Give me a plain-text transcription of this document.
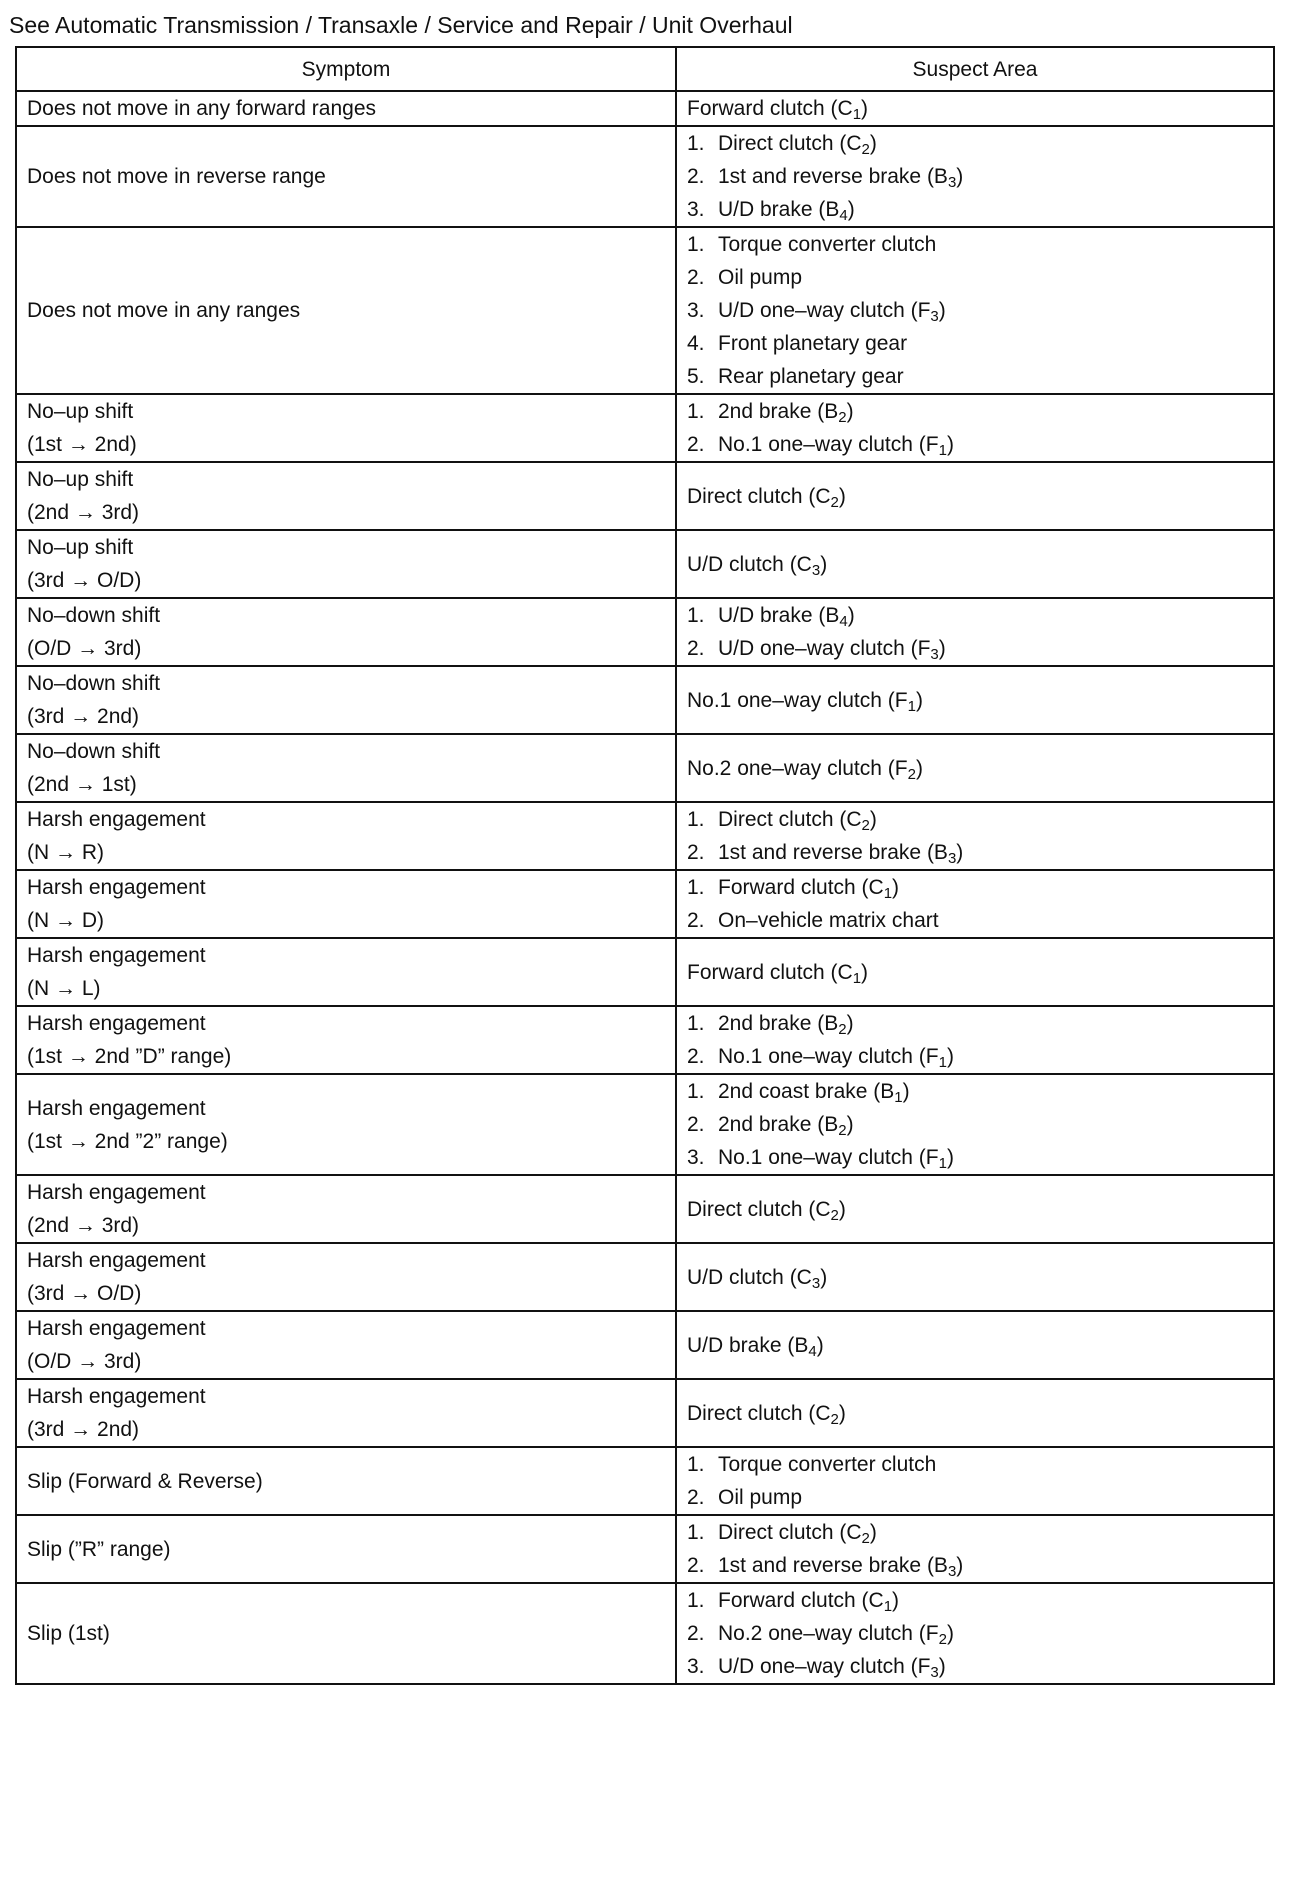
See Automatic Transmission / Transaxle / Service and Repair / Unit Overhaul
Symptom	Suspect Area

Does not move in any forward ranges	Forward clutch $(C_1)$

Does not move in reverse range	1. Direct clutch $(C_2)$
2. 1st and reverse brake $(B_3)$
3. U/D brake $(B_4)$

Does not move in any ranges	1. Torque converter clutch
2. Oil pump
3. U/D one–way clutch $(F_3)$
4. Front planetary gear
5. Rear planetary gear

No–up shift
(1st → 2nd)	1. 2nd brake $(B_2)$
2. No.1 one–way clutch $(F_1)$

No–up shift
(2nd → 3rd)	Direct clutch $(C_2)$

No–up shift
(3rd → O/D)	U/D clutch $(C_3)$

No–down shift
(O/D → 3rd)	1. U/D brake $(B_4)$
2. U/D one–way clutch $(F_3)$

No–down shift
(3rd → 2nd)	No.1 one–way clutch $(F_1)$

No–down shift
(2nd → 1st)	No.2 one–way clutch $(F_2)$

Harsh engagement
(N → R)	1. Direct clutch $(C_2)$
2. 1st and reverse brake $(B_3)$

Harsh engagement
(N → D)	1. Forward clutch $(C_1)$
2. On–vehicle matrix chart

Harsh engagement
(N → L)	Forward clutch $(C_1)$

Harsh engagement
(1st → 2nd ”D” range)	1. 2nd brake $(B_2)$
2. No.1 one–way clutch $(F_1)$

Harsh engagement
(1st → 2nd ”2” range)	1. 2nd coast brake $(B_1)$
2. 2nd brake $(B_2)$
3. No.1 one–way clutch $(F_1)$

Harsh engagement
(2nd → 3rd)	Direct clutch $(C_2)$

Harsh engagement
(3rd → O/D)	U/D clutch $(C_3)$

Harsh engagement
(O/D → 3rd)	U/D brake $(B_4)$

Harsh engagement
(3rd → 2nd)	Direct clutch $(C_2)$

Slip (Forward & Reverse)	1. Torque converter clutch
2. Oil pump

Slip (”R” range)	1. Direct clutch $(C_2)$
2. 1st and reverse brake $(B_3)$

Slip (1st)	1. Forward clutch $(C_1)$
2. No.2 one–way clutch $(F_2)$
3. U/D one–way clutch $(F_3)$
